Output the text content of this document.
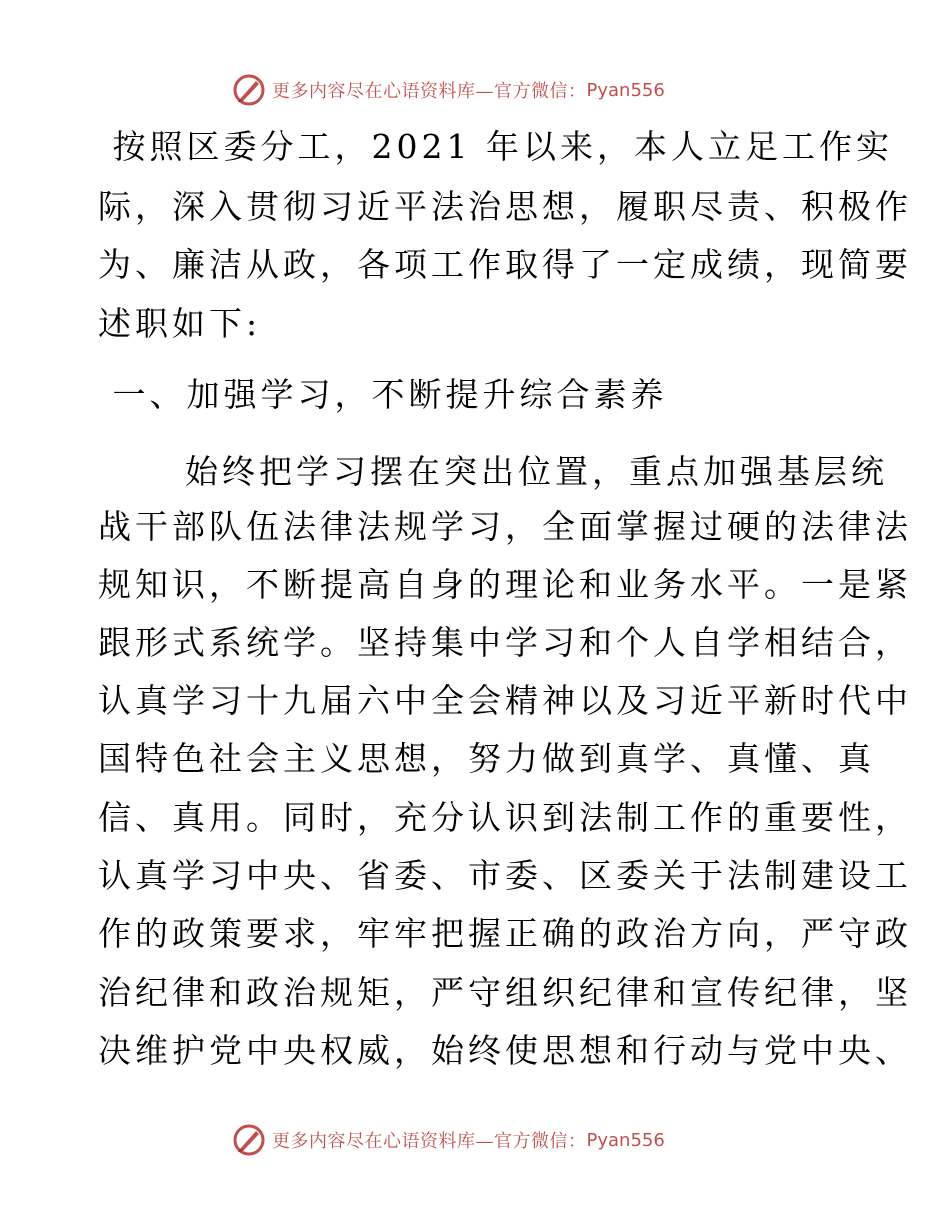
更多内容尽在心语资料库—官方微信： Pyan556
按照区委分工，2021 年以来，本人立足工作实
际，深入贯彻习近平法治思想，履职尽责、积极作
为、廉洁从政，各项工作取得了一定成绩，现简要
述职如下:
一、加强学习，不断提升综合素养
始终把学习摆在突出位置，重点加强基层统
战干部队伍法律法规学习，全面掌握过硬的法律法
规知识，不断提高自身的理论和业务水平。一是紧
跟形式系统学。坚持集中学习和个人自学相结合，
认真学习十九届六中全会精神以及习近平新时代中
国特色社会主义思想，努力做到真学、真懂、真
信、真用。同时，充分认识到法制工作的重要性，
认真学习中央、省委、市委、区委关于法制建设工
作的政策要求，牢牢把握正确的政治方向，严守政
治纪律和政治规矩，严守组织纪律和宣传纪律，坚
决维护党中央权威，始终使思想和行动与党中央、
更多内容尽在心语资料库—官方微信： Pyan556
